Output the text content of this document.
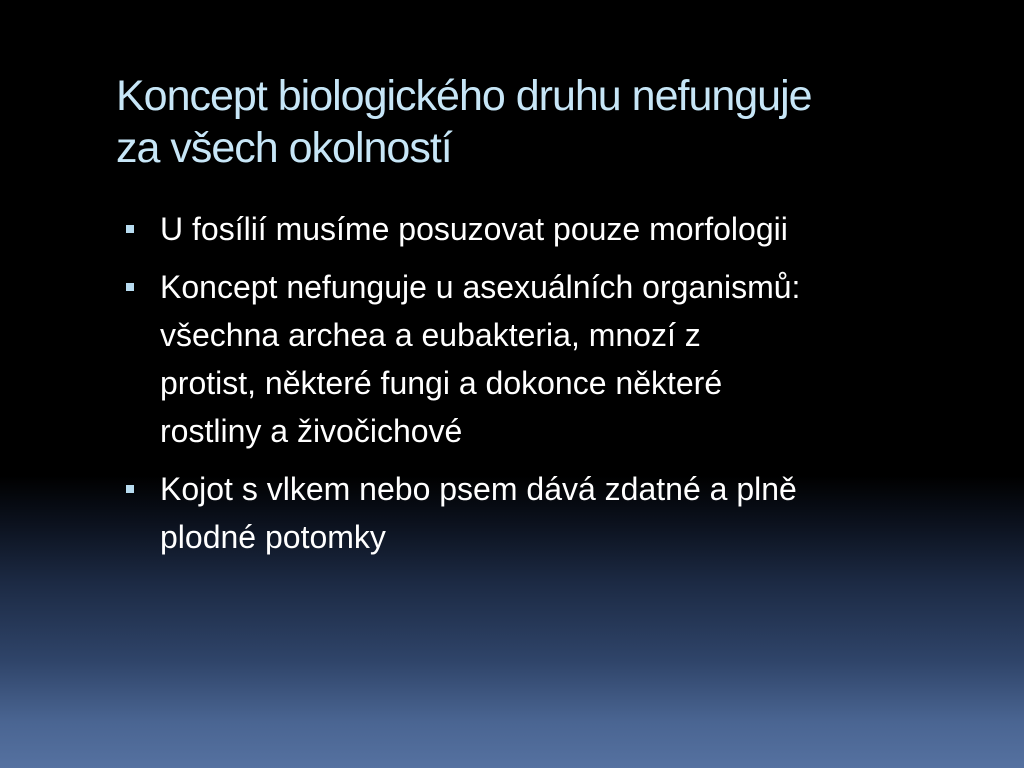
Koncept biologického druhu nefunguje
za všech okolností
U fosílií musíme posuzovat pouze morfologii
Koncept nefunguje u asexuálních organismů:
všechna archea a eubakteria, mnozí z
protist, některé fungi a dokonce některé
rostliny a živočichové
Kojot s vlkem nebo psem dává zdatné a plně
plodné potomky
